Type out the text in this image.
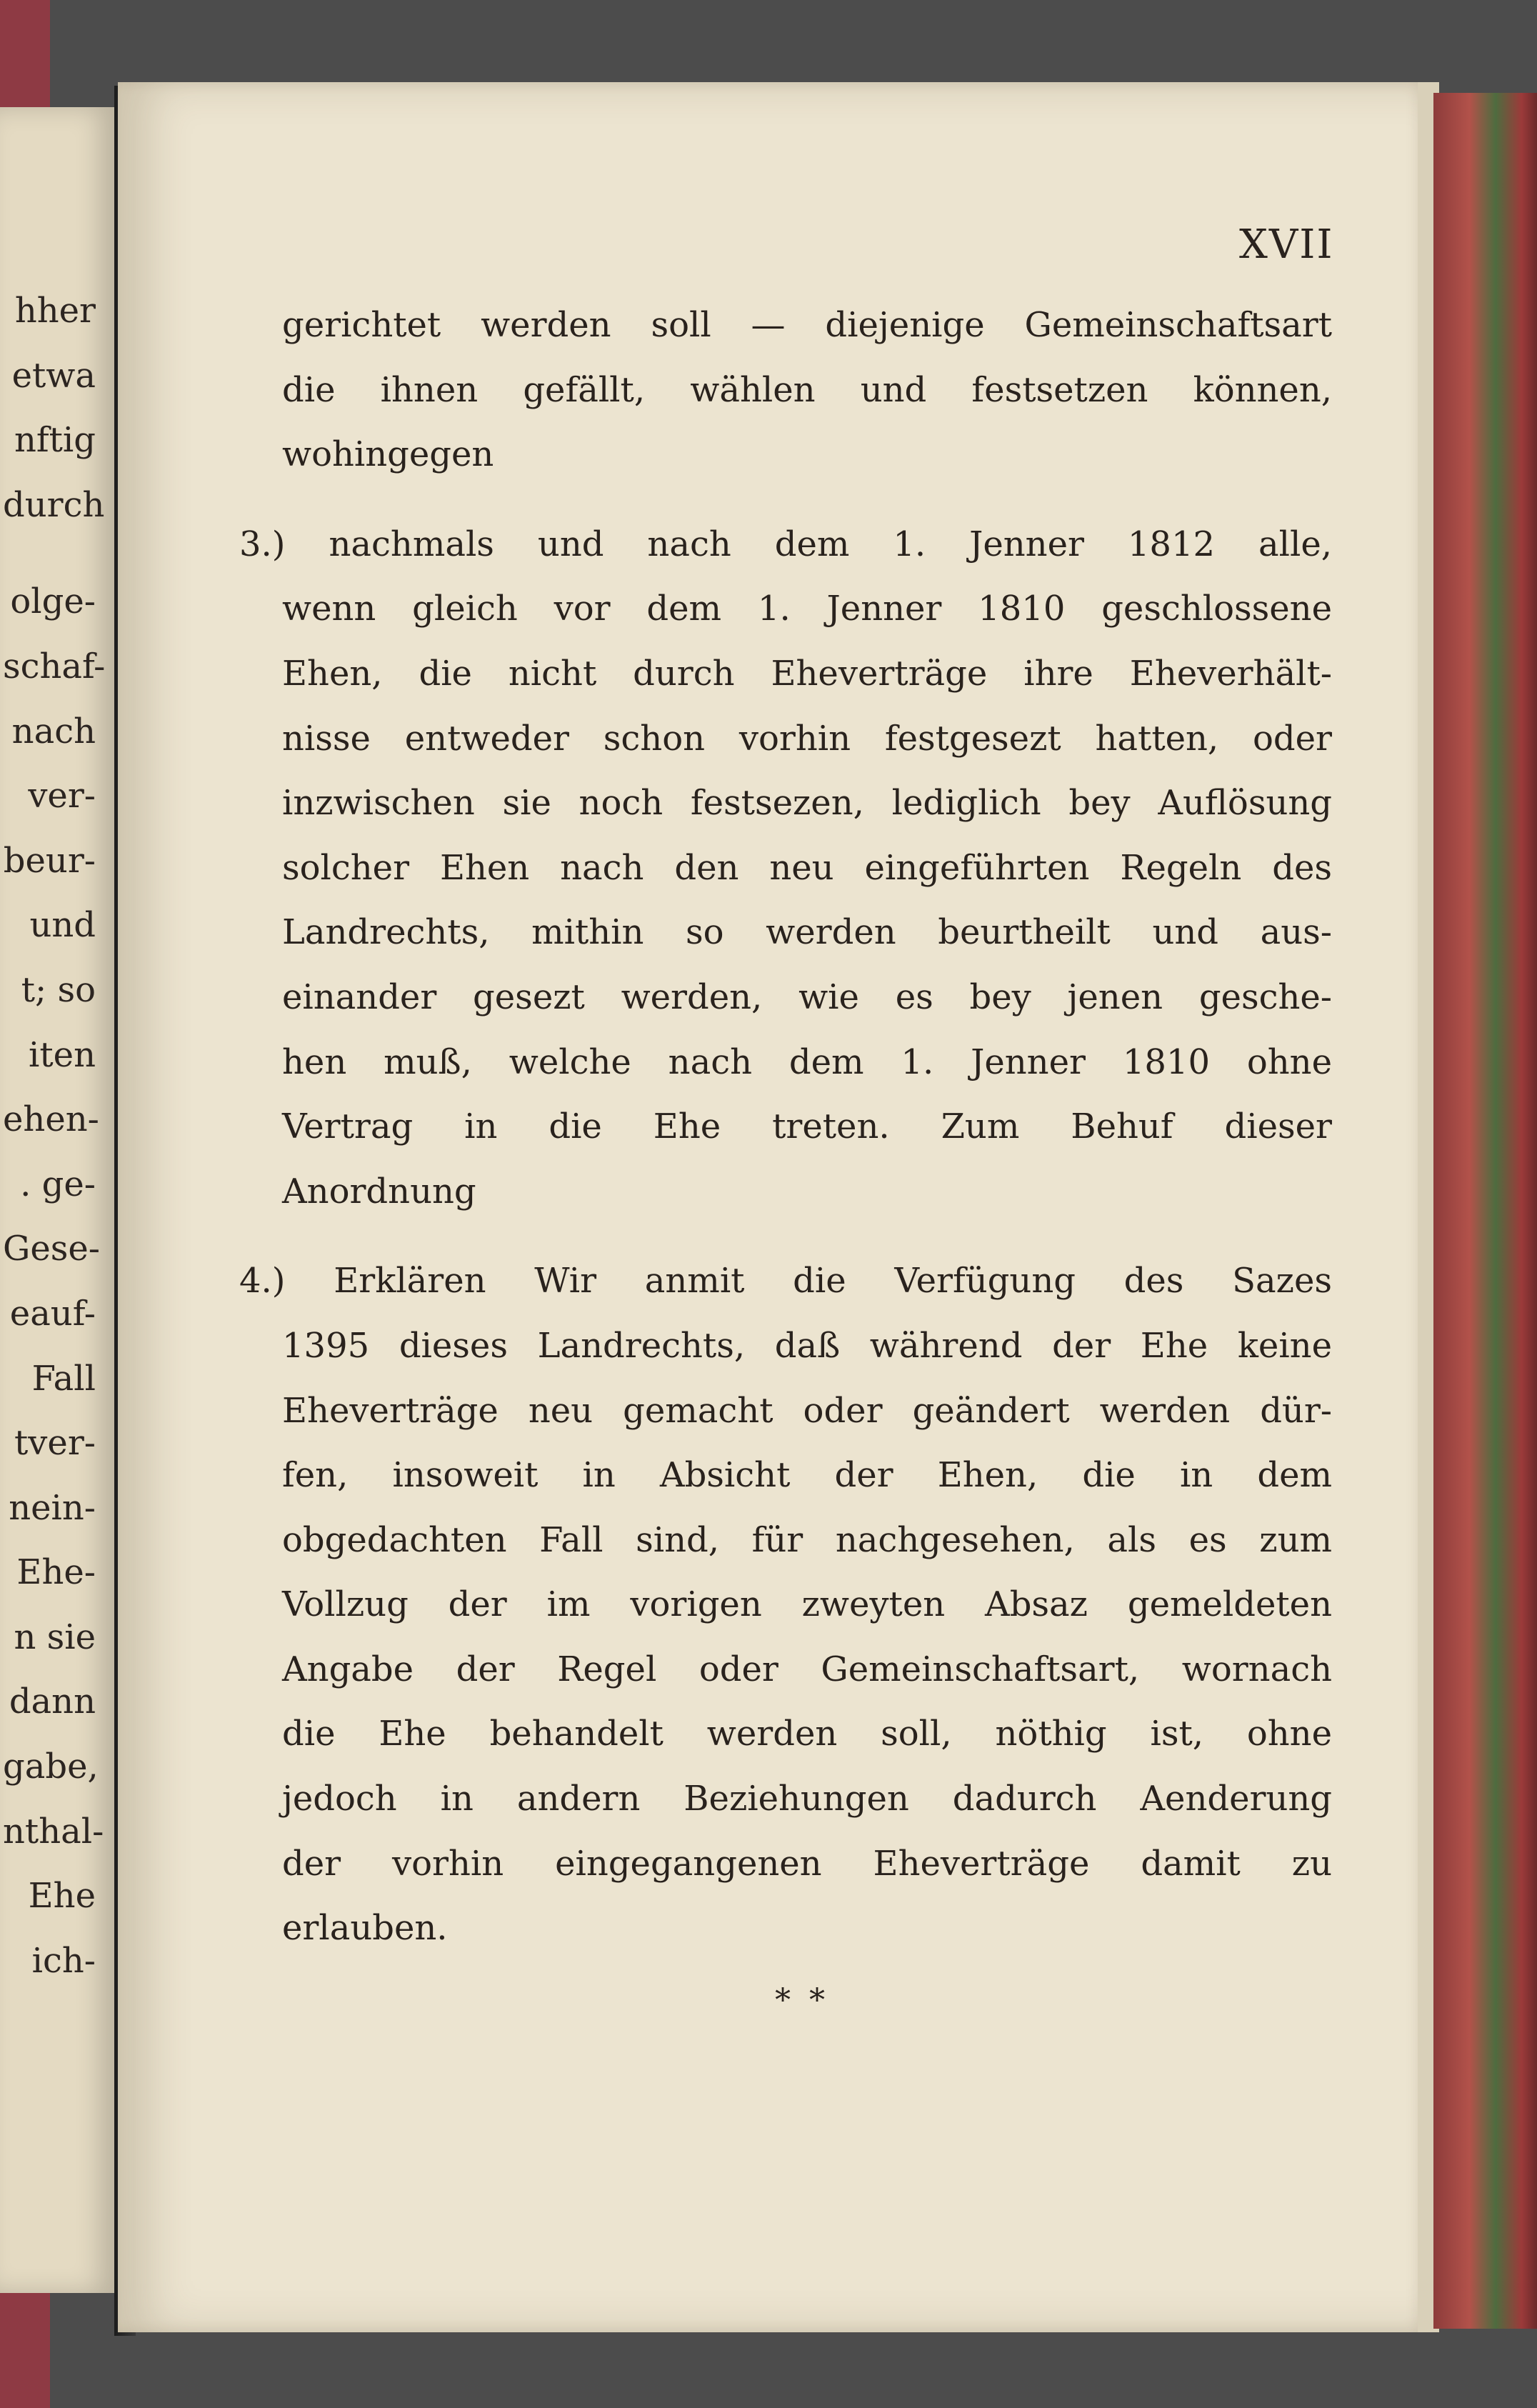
hher
etwa
nftig
durch
olge-
schaf-
nach
ver-
beur-
und
t; so
iten
ehen-
. ge-
Gese-
eauf-
Fall
tver-
nein-
Ehe-
n sie
dann
gabe,
nthal-
Ehe
ich-
XVII
gerichtet werden soll — diejenige Gemeinschaftsart
die ihnen gefällt, wählen und festsetzen können,
wohingegen
3.) nachmals und nach dem 1. Jenner 1812 alle,
wenn gleich vor dem 1. Jenner 1810 geschlossene
Ehen, die nicht durch Eheverträge ihre Eheverhält-
nisse entweder schon vorhin festgesezt hatten, oder
inzwischen sie noch festsezen, lediglich bey Auflösung
solcher Ehen nach den neu eingeführten Regeln des
Landrechts, mithin so werden beurtheilt und aus-
einander gesezt werden, wie es bey jenen gesche-
hen muß, welche nach dem 1. Jenner 1810 ohne
Vertrag in die Ehe treten. Zum Behuf dieser
Anordnung
4.) Erklären Wir anmit die Verfügung des Sazes
1395 dieses Landrechts, daß während der Ehe keine
Eheverträge neu gemacht oder geändert werden dür-
fen, insoweit in Absicht der Ehen, die in dem
obgedachten Fall sind, für nachgesehen, als es zum
Vollzug der im vorigen zweyten Absaz gemeldeten
Angabe der Regel oder Gemeinschaftsart, wornach
die Ehe behandelt werden soll, nöthig ist, ohne
jedoch in andern Beziehungen dadurch Aenderung
der vorhin eingegangenen Eheverträge damit zu
erlauben.
* *
